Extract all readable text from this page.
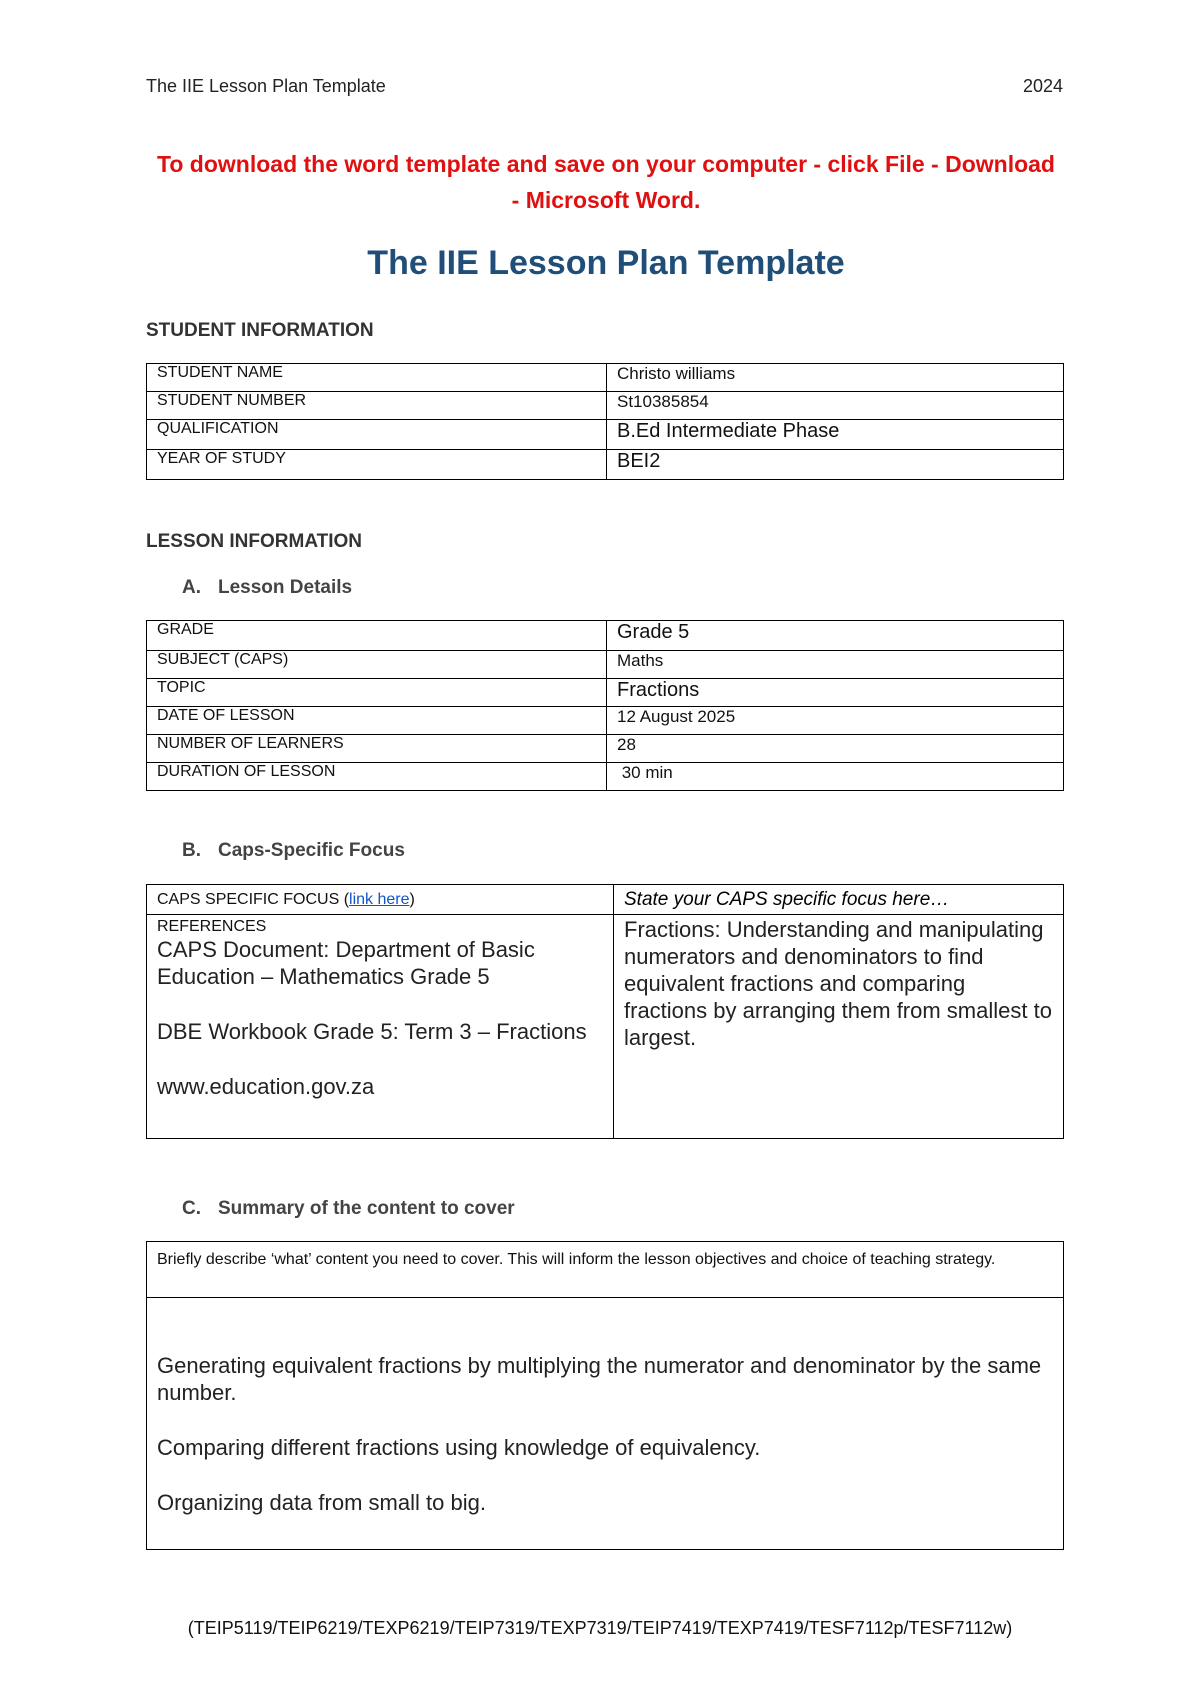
The IIE Lesson Plan Template	2024
To download the word template and save on your computer - click File - Download
- Microsoft Word.
The IIE Lesson Plan Template
STUDENT INFORMATION
STUDENT NAME	Christo williams
STUDENT NUMBER	St10385854
QUALIFICATION	B.Ed Intermediate Phase
YEAR OF STUDY	BEI2
LESSON INFORMATION
A. Lesson Details
GRADE	Grade 5
SUBJECT (CAPS)	Maths
TOPIC	Fractions
DATE OF LESSON	12 August 2025
NUMBER OF LEARNERS	28
DURATION OF LESSON	30 min
B. Caps-Specific Focus
CAPS SPECIFIC FOCUS (link here)	State your CAPS specific focus here…

REFERENCES
CAPS Document: Department of Basic Education – Mathematics Grade 5
DBE Workbook Grade 5: Term 3 – Fractions
www.education.gov.za	Fractions: Understanding and manipulating numerators and denominators to find equivalent fractions and comparing fractions by arranging them from smallest to largest.
C. Summary of the content to cover
Briefly describe ‘what’ content you need to cover. This will inform the lesson objectives and choice of teaching strategy.

Generating equivalent fractions by multiplying the numerator and denominator by the same number.
Comparing different fractions using knowledge of equivalency.
Organizing data from small to big.
(TEIP5119/TEIP6219/TEXP6219/TEIP7319/TEXP7319/TEIP7419/TEXP7419/TESF7112p/TESF7112w)
